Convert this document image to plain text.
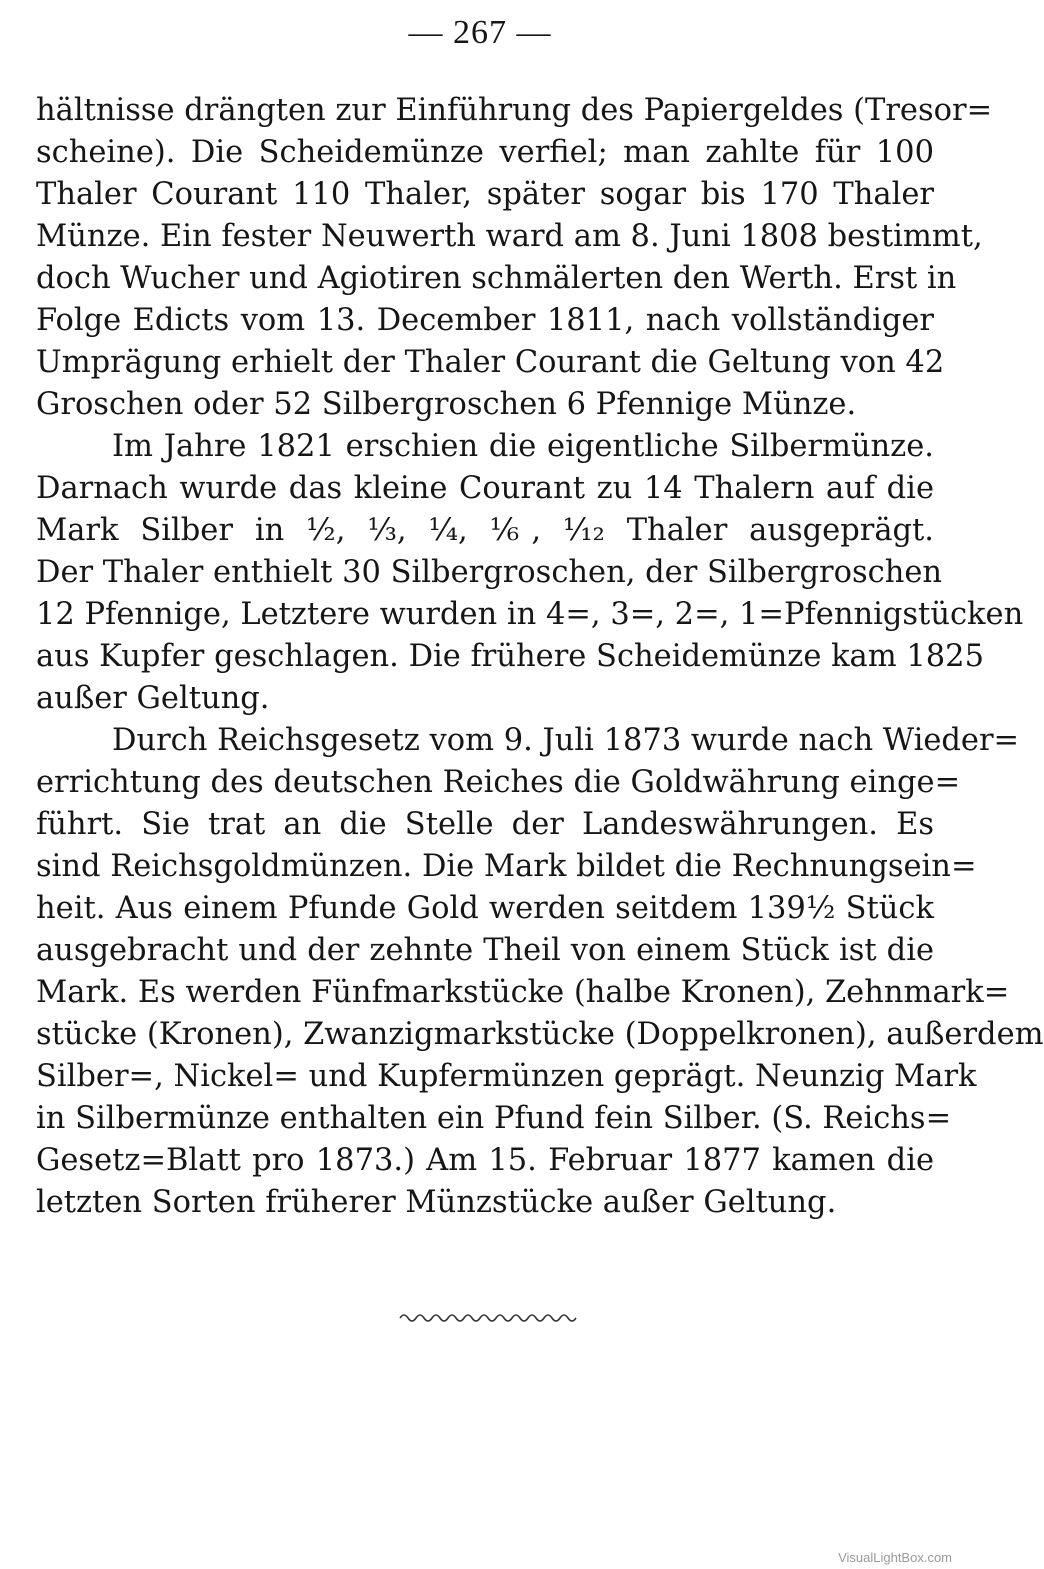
— 267 —
hältnisse drängten zur Einführung des Papiergeldes (Tresor=
scheine). Die Scheidemünze verfiel; man zahlte für 100
Thaler Courant 110 Thaler, später sogar bis 170 Thaler
Münze. Ein fester Neuwerth ward am 8. Juni 1808 bestimmt,
doch Wucher und Agiotiren schmälerten den Werth. Erst in
Folge Edicts vom 13. December 1811, nach vollständiger
Umprägung erhielt der Thaler Courant die Geltung von 42
Groschen oder 52 Silbergroschen 6 Pfennige Münze.
Im Jahre 1821 erschien die eigentliche Silbermünze.
Darnach wurde das kleine Courant zu 14 Thalern auf die
Mark Silber in ½, ⅓, ¼, ⅙, ¹⁄₁₂ Thaler ausgeprägt.
Der Thaler enthielt 30 Silbergroschen, der Silbergroschen
12 Pfennige, Letztere wurden in 4=, 3=, 2=, 1=Pfennigstücken
aus Kupfer geschlagen. Die frühere Scheidemünze kam 1825
außer Geltung.
Durch Reichsgesetz vom 9. Juli 1873 wurde nach Wieder=
errichtung des deutschen Reiches die Goldwährung einge=
führt. Sie trat an die Stelle der Landeswährungen. Es
sind Reichsgoldmünzen. Die Mark bildet die Rechnungsein=
heit. Aus einem Pfunde Gold werden seitdem 139½ Stück
ausgebracht und der zehnte Theil von einem Stück ist die
Mark. Es werden Fünfmarkstücke (halbe Kronen), Zehnmark=
stücke (Kronen), Zwanzigmarkstücke (Doppelkronen), außerdem
Silber=, Nickel= und Kupfermünzen geprägt. Neunzig Mark
in Silbermünze enthalten ein Pfund fein Silber. (S. Reichs=
Gesetz=Blatt pro 1873.) Am 15. Februar 1877 kamen die
letzten Sorten früherer Münzstücke außer Geltung.
VisualLightBox.com
